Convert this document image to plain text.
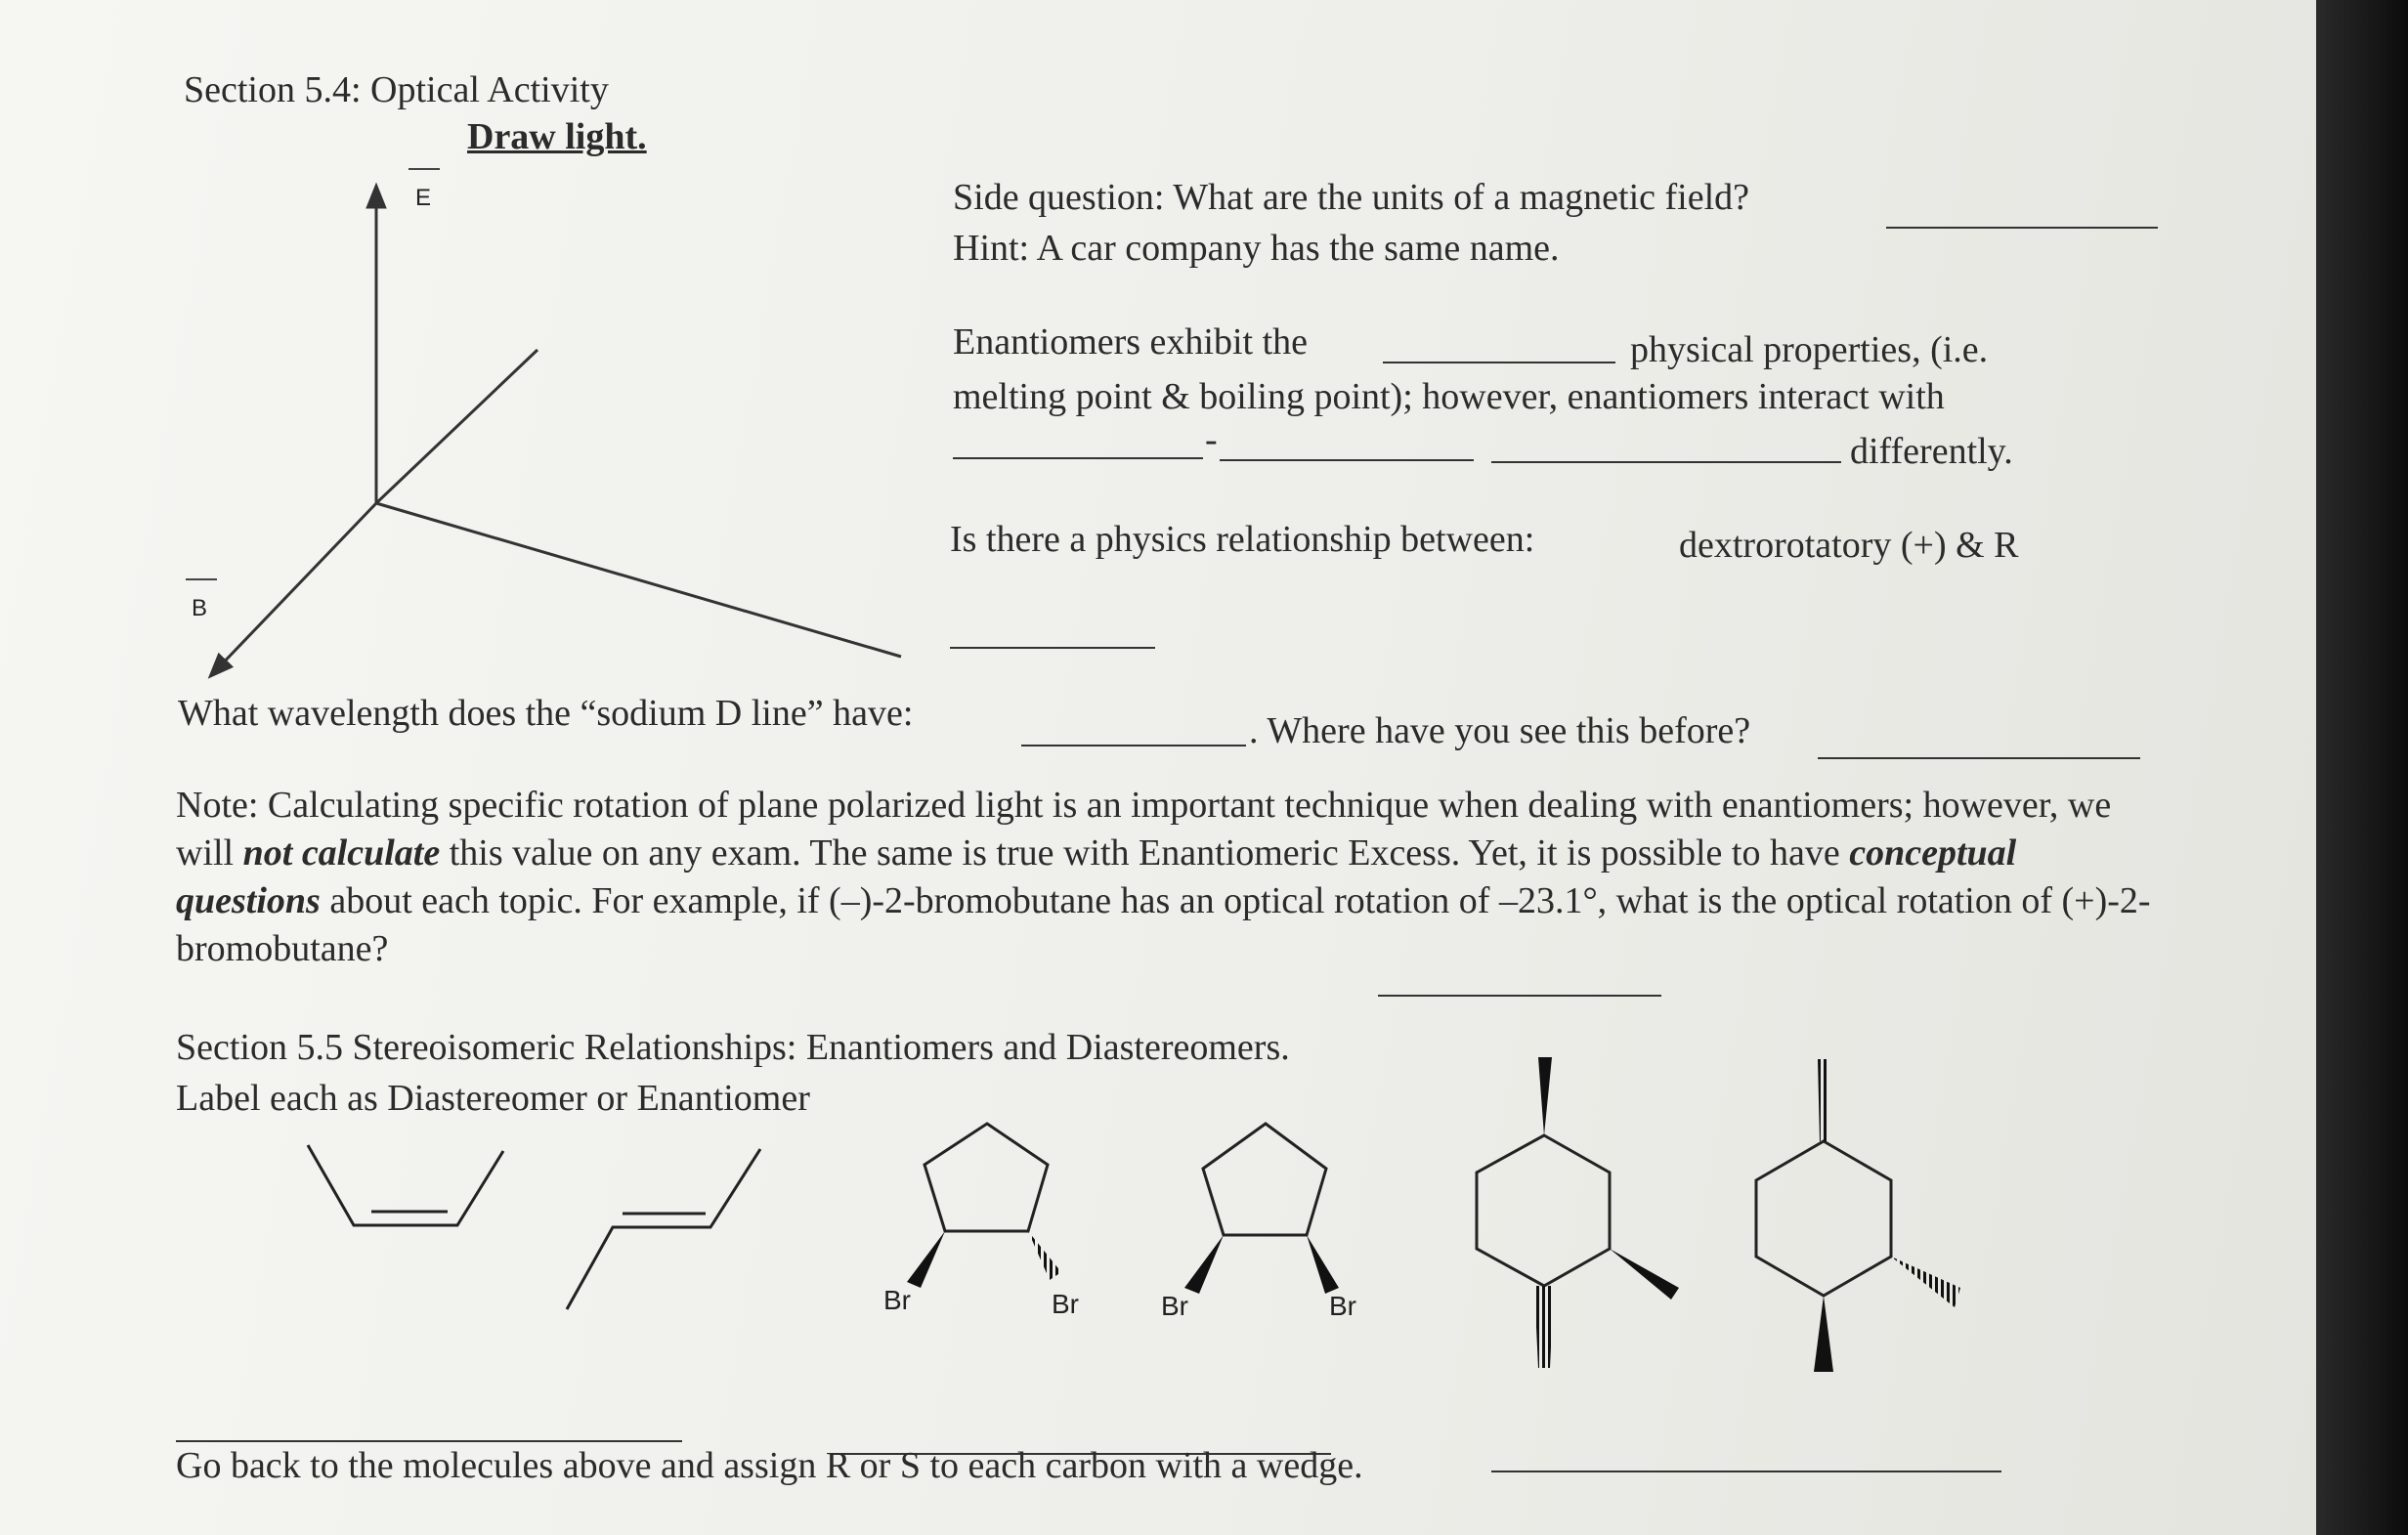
Section 5.4: Optical Activity
Draw light.
E
B
Side question: What are the units of a magnetic field?
Hint: A car company has the same name.
Enantiomers exhibit the	physical properties, (i.e.
melting point & boiling point); however, enantiomers interact with
-	differently.
Is there a physics relationship between:	dextrorotatory (+) & R
What wavelength does the “sodium D line” have:	. Where have you see this before?
Note: Calculating specific rotation of plane polarized light is an important technique when dealing with enantiomers; however, we will not calculate this value on any exam. The same is true with Enantiomeric Excess. Yet, it is possible to have conceptual questions about each topic. For example, if (–)-2-bromobutane has an optical rotation of –23.1°, what is the optical rotation of (+)-2-bromobutane?
Section 5.5 Stereoisomeric Relationships: Enantiomers and Diastereomers.
Label each as Diastereomer or Enantiomer
Br	Br	Br	Br
Go back to the molecules above and assign R or S to each carbon with a wedge.
